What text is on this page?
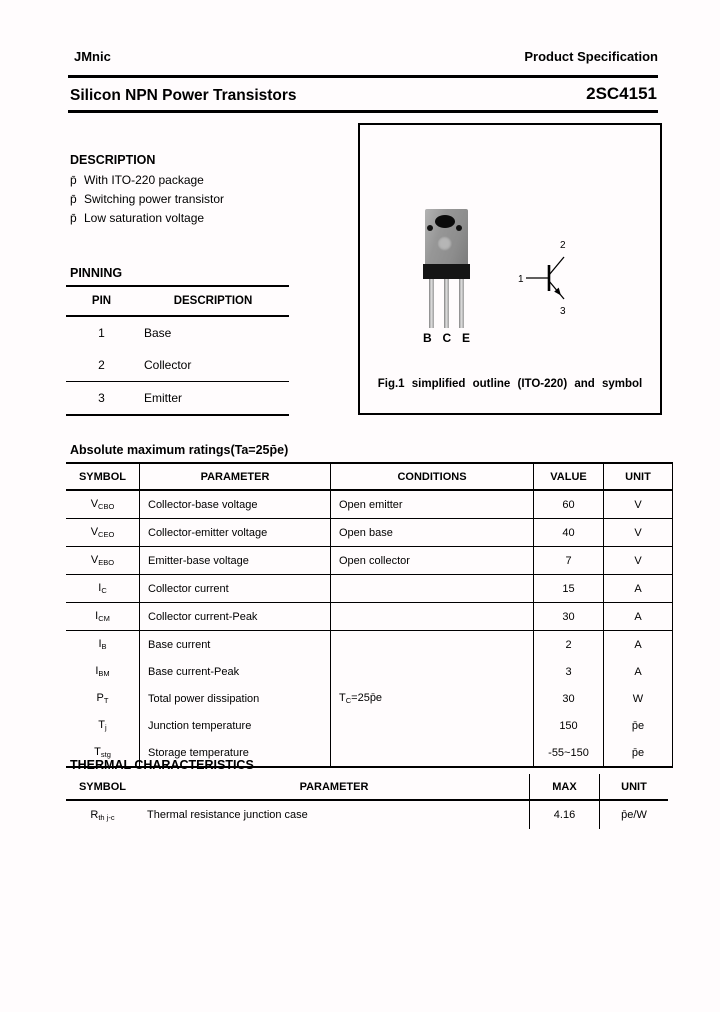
JMnic	Product Specification
Silicon NPN Power Transistors	2SC4151
DESCRIPTION
p̄ With ITO-220 package
p̄ Switching power transistor
p̄ Low saturation voltage
PINNING
PIN	DESCRIPTION
1	Base
2	Collector
3	Emitter
B C E
1
2
3
Fig.1 simplified outline (ITO-220) and symbol
Absolute maximum ratings(Ta=25p̄e)
SYMBOL	PARAMETER	CONDITIONS	VALUE	UNIT
$V_{CBO}$	Collector-base voltage	Open emitter	60	V
$V_{CEO}$	Collector-emitter voltage	Open base	40	V
$V_{EBO}$	Emitter-base voltage	Open collector	7	V
$I_C$	Collector current		15	A
$I_{CM}$	Collector current-Peak		30	A
$I_B$	Base current		2	A
$I_{BM}$	Base current-Peak		3	A
$P_T$	Total power dissipation	$T_C=25p̄e$	30	W
$T_j$	Junction temperature		150	p̄e
$T_{stg}$	Storage temperature		-55~150	p̄e
THERMAL CHARACTERISTICS
SYMBOL	PARAMETER	MAX	UNIT
$R_{th j-c}$	Thermal resistance junction case	4.16	p̄e/W
